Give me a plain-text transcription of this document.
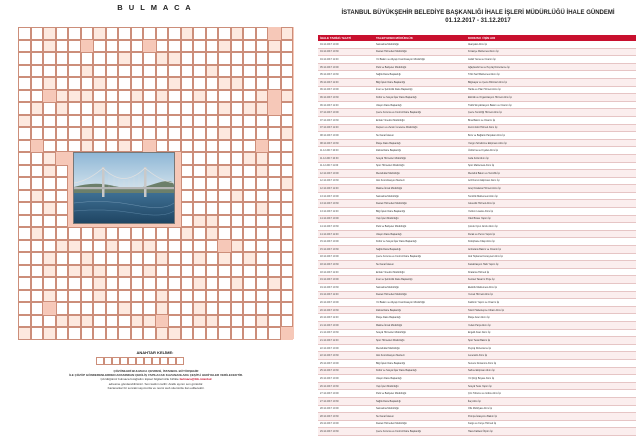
B U L M A C A
ANAHTAR KELİME:
ÇÖZÜMLERİ BULMACA ÇEVRESİ, İSTANBUL BÜYÜKŞEHİR
İLE ÇÖZÜP GÖNDERENLERDEN ARASINDAN ÇEKİLİŞ YAPILACAK KAZANANLARA ÇEŞİTLİ HEDİYELER VERİLECEKTİR.
Çözdüğünüz bulmaca fotoğrafını kişisel bilgilerinizle birlikte bulmaca@ibb.istanbul
adresine gönderebilirsiniz. Son katılım tarihi: Aralık ayının son günüdür.
Kazananlar bir sonraki sayımızda ve resmi web sitemizde ilan edilecektir.
İSTANBUL BÜYÜKŞEHİR BELEDİYE BAŞKANLIĞI İHALE İŞLERİ MÜDÜRLÜĞÜ İHALE GÜNDEMİ
01.12.2017 - 31.12.2017
İHALE TARİHİ / SAATİ	TALEP EDEN MÜDÜRLÜK	KONUSU / İŞİN ADI
04.12.2017 10:00	Satınalma Müdürlüğü	Akaryakıt Alımı İşi
04.12.2017 10:30	Destek Hizmetleri Müdürlüğü	Kırtasiye Malzemesi Alımı İşi
04.12.2017 11:00	Yol Bakım ve Altyapı Koordinasyon Müdürlüğü	Asfalt Yama ve Onarım İşi
05.12.2017 10:00	Park ve Bahçeler Müdürlüğü	Ağaçlandırma ve Peyzaj Düzenleme İşi
05.12.2017 10:30	Sağlık Daire Başkanlığı	Tıbbi Sarf Malzemesi Alımı İşi
05.12.2017 11:00	Bilgi İşlem Daire Başkanlığı	Bilgisayar ve Çevre Birimleri Alımı İşi
06.12.2017 10:00	İmar ve Şehircilik Daire Başkanlığı	Harita ve Plan Hizmeti Alımı İşi
06.12.2017 10:30	Kültür ve Sosyal İşler Daire Başkanlığı	Etkinlik ve Organizasyon Hizmeti Alımı İşi
06.12.2017 11:00	Ulaşım Daire Başkanlığı	Trafik Sinyalizasyon Bakım ve Onarım İşi
07.12.2017 10:00	Çevre Koruma ve Kontrol Daire Başkanlığı	Çevre Temizliği Hizmeti Alımı İşi
07.12.2017 10:30	Emlak Yönetimi Müdürlüğü	Bina Bakım ve Onarım İşi
07.12.2017 11:00	Deprem ve Zemin İnceleme Müdürlüğü	Zemin Etüt Hizmeti Alımı İşi
08.12.2017 10:00	Su Kanal İdaresi	Boru ve Bağlantı Parçaları Alımı İşi
08.12.2017 10:30	İtfaiye Daire Başkanlığı	Yangın Söndürme Ekipmanı Alımı İşi
11.12.2017 10:00	Zabıta Daire Başkanlığı	Üniforma ve Kıyafet Alımı İşi
11.12.2017 10:30	Sosyal Hizmetler Müdürlüğü	Gıda Kolisi Alımı İşi
11.12.2017 11:00	Spor Hizmetleri Müdürlüğü	Spor Malzemesi Alımı İşi
12.12.2017 10:00	Mezarlıklar Müdürlüğü	Mezarlık Bakım ve Temizlik İşi
12.12.2017 10:30	Afet Koordinasyon Merkezi	Acil Durum Ekipmanı Alımı İşi
12.12.2017 11:00	Makine İkmal Müdürlüğü	Araç Kiralama Hizmeti Alımı İşi
13.12.2017 10:00	Satınalma Müdürlüğü	Temizlik Malzemesi Alımı İşi
13.12.2017 10:30	Destek Hizmetleri Müdürlüğü	Güvenlik Hizmeti Alımı İşi
13.12.2017 11:00	Bilgi İşlem Daire Başkanlığı	Yazılım Lisansı Alımı İşi
14.12.2017 10:00	Yapı İşleri Müdürlüğü	Okul Binası Yapım İşi
14.12.2017 10:30	Park ve Bahçeler Müdürlüğü	Çocuk Oyun Grubu Alımı İşi
14.12.2017 11:00	Ulaşım Daire Başkanlığı	Durak ve Peron Yapım İşi
15.12.2017 10:00	Kültür ve Sosyal İşler Daire Başkanlığı	Kütüphane Kitap Alımı İşi
15.12.2017 10:30	Sağlık Daire Başkanlığı	Ambulans Bakım ve Onarım İşi
18.12.2017 10:00	Çevre Koruma ve Kontrol Daire Başkanlığı	Atık Toplama Konteyneri Alımı İşi
18.12.2017 10:30	Su Kanal İdaresi	Kanalizasyon Hattı Yapım İşi
18.12.2017 11:00	Emlak Yönetimi Müdürlüğü	Kiralama Hizmeti İşi
19.12.2017 10:00	İmar ve Şehircilik Daire Başkanlığı	Kentsel Tasarım Proje İşi
19.12.2017 10:30	Satınalma Müdürlüğü	Elektrik Malzemesi Alımı İşi
19.12.2017 11:00	Destek Hizmetleri Müdürlüğü	Yemek Hizmeti Alımı İşi
20.12.2017 10:00	Yol Bakım ve Altyapı Koordinasyon Müdürlüğü	Kaldırım Yapım ve Onarım İşi
20.12.2017 10:30	Zabıta Daire Başkanlığı	Telsiz Haberleşme Cihazı Alımı İşi
20.12.2017 11:00	İtfaiye Daire Başkanlığı	İtfaiye Aracı Alımı İşi
21.12.2017 10:00	Makine İkmal Müdürlüğü	Yedek Parça Alımı İşi
21.12.2017 10:30	Sosyal Hizmetler Müdürlüğü	Engelli Aracı Alımı İşi
21.12.2017 11:00	Spor Hizmetleri Müdürlüğü	Spor Tesisi Bakım İşi
22.12.2017 10:00	Mezarlıklar Müdürlüğü	Peyzaj Düzenleme İşi
22.12.2017 10:30	Afet Koordinasyon Merkezi	Jeneratör Alımı İşi
25.12.2017 10:00	Bilgi İşlem Daire Başkanlığı	Sunucu Donanımı Alımı İşi
25.12.2017 10:30	Kültür ve Sosyal İşler Daire Başkanlığı	Sahne Ekipmanı Alımı İşi
26.12.2017 10:00	Ulaşım Daire Başkanlığı	Yol Çizgi Boyası Alımı İşi
26.12.2017 10:30	Yapı İşleri Müdürlüğü	Sosyal Tesis Yapım İşi
27.12.2017 10:00	Park ve Bahçeler Müdürlüğü	Çim Tohumu ve Gübre Alımı İşi
27.12.2017 10:30	Sağlık Daire Başkanlığı	İlaç Alımı İşi
28.12.2017 10:00	Satınalma Müdürlüğü	Ofis Mobilyası Alımı İşi
28.12.2017 10:30	Su Kanal İdaresi	Pompa İstasyonu Bakım İşi
29.12.2017 10:00	Destek Hizmetleri Müdürlüğü	Kargo ve Kurye Hizmeti İşi
29.12.2017 10:30	Çevre Koruma ve Kontrol Daire Başkanlığı	Hava Kalitesi Ölçüm İşi
